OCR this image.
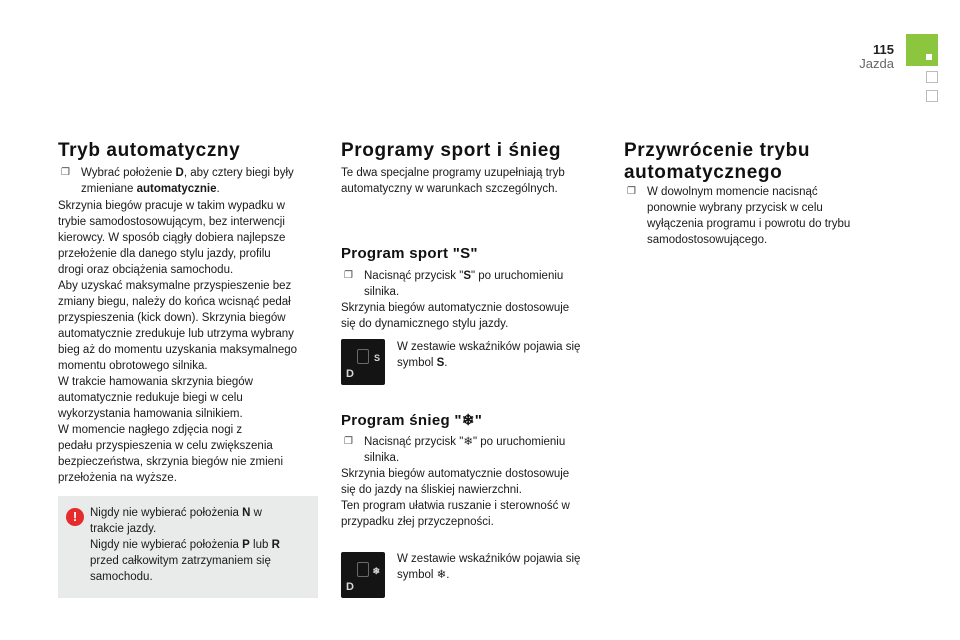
115
Jazda
Tryb automatyczny
❐ Wybrać położenie D, aby cztery biegi były zmieniane automatycznie.

Skrzynia biegów pracuje w takim wypadku w

trybie samodostosowującym, bez interwencji

kierowcy. W sposób ciągły dobiera najlepsze

przełożenie dla danego stylu jazdy, profilu

drogi oraz obciążenia samochodu.

Aby uzyskać maksymalne przyspieszenie bez

zmiany biegu, należy do końca wcisnąć pedał

przyspieszenia (kick down). Skrzynia biegów

automatycznie zredukuje lub utrzyma wybrany

bieg aż do momentu uzyskania maksymalnego

momentu obrotowego silnika.

W trakcie hamowania skrzynia biegów

automatycznie redukuje biegi w celu

wykorzystania hamowania silnikiem.

W momencie nagłego zdjęcia nogi z

pedału przyspieszenia w celu zwiększenia

bezpieczeństwa, skrzynia biegów nie zmieni

przełożenia na wyższe.

!	Nigdy nie wybierać położenia N w

trakcie jazdy.

Nigdy nie wybierać położenia P lub R

przed całkowitym zatrzymaniem się

samochodu.

Programy sport i śnieg

Te dwa specjalne programy uzupełniają tryb

automatyczny w warunkach szczególnych.

Program sport "S"
❐ Nacisnąć przycisk "S" po uruchomieniu

silnika.

Skrzynia biegów automatycznie dostosowuje

się do dynamicznego stylu jazdy.

Program śnieg "❄"
❐ Nacisnąć przycisk "❄" po uruchomieniu

silnika.

Skrzynia biegów automatycznie dostosowuje

się do jazdy na śliskiej nawierzchni.

Ten program ułatwia ruszanie i sterowność w

przypadku złej przyczepności.

D
S

W zestawie wskaźników pojawia się

symbol S.

D
❄

W zestawie wskaźników pojawia się

symbol ❄.

Przywrócenie trybu
automatycznego
❐ W dowolnym momencie nacisnąć

ponownie wybrany przycisk w celu

wyłączenia programu i powrotu do trybu

samodostosowującego.
